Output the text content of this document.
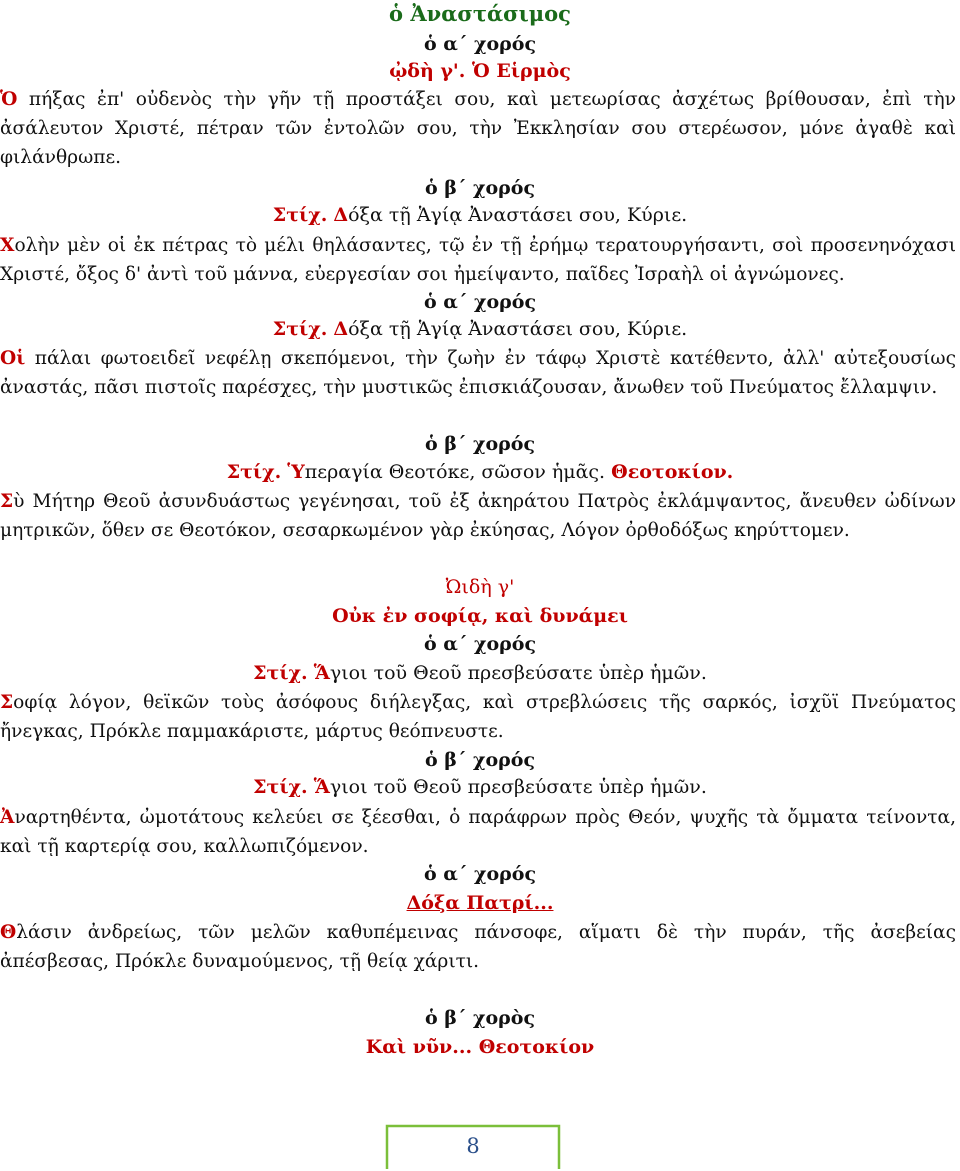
ὁ Ἀναστάσιμος
ὁ α΄ χορός
ᾠδὴ γ'. Ὁ Εἱρμὸς
Ὁ πήξας ἐπ' οὐδενὸς τὴν γῆν τῇ προστάξει σου, καὶ μετεωρίσας ἀσχέτως βρίθουσαν, ἐπὶ τὴν ἀσάλευτον Χριστέ, πέτραν τῶν ἐντολῶν σου, τὴν Ἐκκλησίαν σου στερέωσον, μόνε ἀγαθὲ καὶ φιλάνθρωπε.
ὁ β΄ χορός
Στίχ. Δόξα τῇ Ἁγίᾳ Ἀναστάσει σου, Κύριε.
Χολὴν μὲν οἱ ἐκ πέτρας τὸ μέλι θηλάσαντες, τῷ ἐν τῇ ἐρήμῳ τερατουργήσαντι, σοὶ προσενηνόχασι Χριστέ, ὄξος δ' ἀντὶ τοῦ μάννα, εὐεργεσίαν σοι ἠμείψαντο, παῖδες Ἰσραὴλ οἱ ἀγνώμονες.
ὁ α΄ χορός
Στίχ. Δόξα τῇ Ἁγίᾳ Ἀναστάσει σου, Κύριε.
Οἱ πάλαι φωτοειδεῖ νεφέλῃ σκεπόμενοι, τὴν ζωὴν ἐν τάφῳ Χριστὲ κατέθεντο, ἀλλ' αὐτεξουσίως ἀναστάς, πᾶσι πιστοῖς παρέσχες, τὴν μυστικῶς ἐπισκιάζουσαν, ἄνωθεν τοῦ Πνεύματος ἔλλαμψιν.
ὁ β΄ χορός
Στίχ. Ὑπεραγία Θεοτόκε, σῶσον ἡμᾶς. Θεοτοκίον.
Σὺ Μήτηρ Θεοῦ ἀσυνδυάστως γεγένησαι, τοῦ ἐξ ἀκηράτου Πατρὸς ἐκλάμψαντος, ἄνευθεν ὠδίνων μητρικῶν, ὅθεν σε Θεοτόκον, σεσαρκωμένον γὰρ ἐκύησας, Λόγον ὀρθοδόξως κηρύττομεν.
Ὠιδὴ γ'
Οὐκ ἐν σοφίᾳ, καὶ δυνάμει
ὁ α΄ χορός
Στίχ. Ἅγιοι τοῦ Θεοῦ πρεσβεύσατε ὑπὲρ ἡμῶν.
Σοφίᾳ λόγον, θεϊκῶν τοὺς ἀσόφους διήλεγξας, καὶ στρεβλώσεις τῆς σαρκός, ἰσχῦϊ Πνεύματος ἤνεγκας, Πρόκλε παμμακάριστε, μάρτυς θεόπνευστε.
ὁ β΄ χορός
Στίχ. Ἅγιοι τοῦ Θεοῦ πρεσβεύσατε ὑπὲρ ἡμῶν.
Ἀναρτηθέντα, ὠμοτάτους κελεύει σε ξέεσθαι, ὁ παράφρων πρὸς Θεόν, ψυχῆς τὰ ὄμματα τείνοντα, καὶ τῇ καρτερίᾳ σου, καλλωπιζόμενον.
ὁ α΄ χορός
Δόξα Πατρί...
Θλάσιν ἀνδρείως, τῶν μελῶν καθυπέμεινας πάνσοφε, αἵματι δὲ τὴν πυράν, τῆς ἀσεβείας ἀπέσβεσας, Πρόκλε δυναμούμενος, τῇ θείᾳ χάριτι.
ὁ β΄ χορὸς
Καὶ νῦν... Θεοτοκίον
8
